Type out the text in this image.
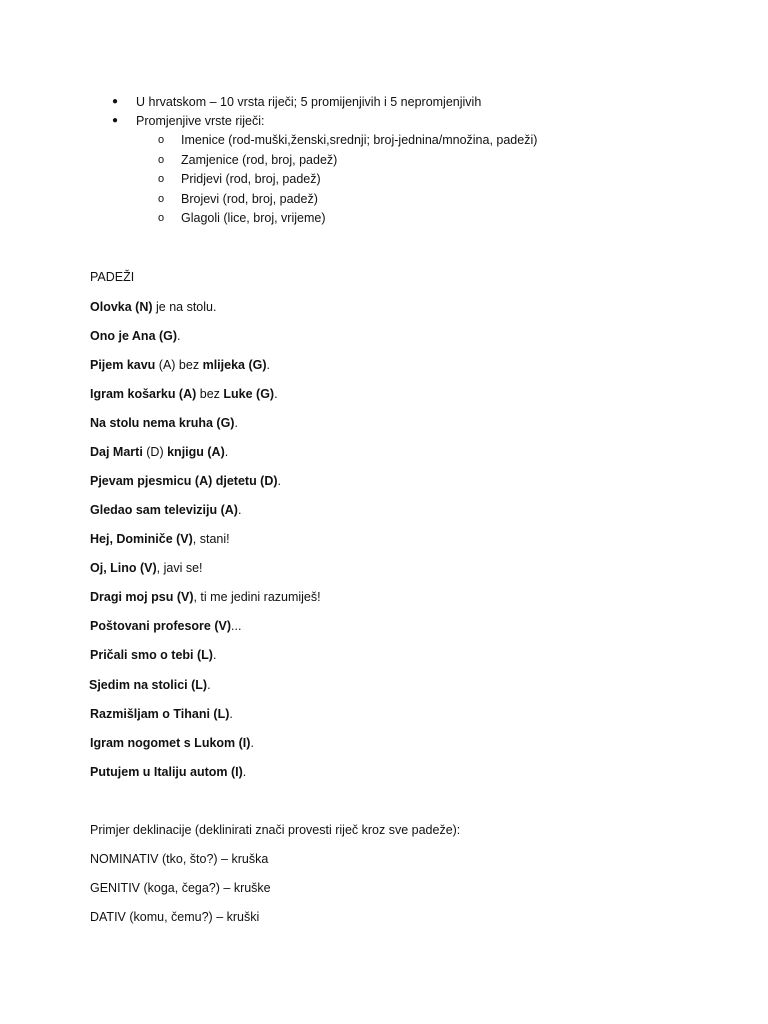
● U hrvatskom – 10 vrsta riječi; 5 promijenjivih i 5 nepromjenjivih
● Promjenjive vrste riječi:
o Imenice (rod-muški,ženski,srednji; broj-jednina/množina, padeži)
o Zamjenice (rod, broj, padež)
o Pridjevi (rod, broj, padež)
o Brojevi (rod, broj, padež)
o Glagoli (lice, broj, vrijeme)
PADEŽI
Olovka (N) je na stolu.
Ono je Ana (G).
Pijem kavu (A) bez mlijeka (G).
Igram košarku (A) bez Luke (G).
Na stolu nema kruha (G).
Daj Marti (D) knjigu (A).
Pjevam pjesmicu (A) djetetu (D).
Gledao sam televiziju (A).
Hej, Dominiče (V), stani!
Oj, Lino (V), javi se!
Dragi moj psu (V), ti me jedini razumiješ!
Poštovani profesore (V)...
Pričali smo o tebi (L).
Sjedim na stolici (L).
Razmišljam o Tihani (L).
Igram nogomet s Lukom (I).
Putujem u Italiju autom (I).
Primjer deklinacije (deklinirati znači provesti riječ kroz sve padeže):
NOMINATIV (tko, što?) – kruška
GENITIV (koga, čega?) – kruške
DATIV (komu, čemu?) – kruški
